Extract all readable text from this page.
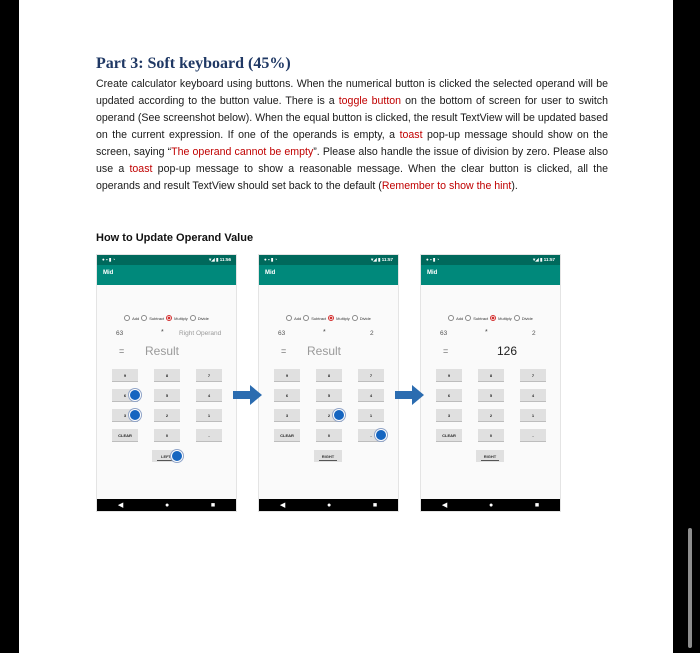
Part 3: Soft keyboard (45%)

Create calculator keyboard using buttons. When the numerical button is clicked the selected operand will be updated according to the button value. There is a toggle button on the bottom of screen for user to switch operand (See screenshot below). When the equal button is clicked, the result TextView will be updated based on the current expression. If one of the operands is empty, a toast pop-up message should show on the screen, saying “The operand cannot be empty”. Please also handle the issue of division by zero. Please also use a toast pop-up message to show a reasonable message. When the clear button is clicked, all the operands and result TextView should set back to the default (Remember to show the hint).

How to Update Operand Value
● ▪ ▮ ◔	▾◢ ▮ 11:56
Mid
Add	Subtract	Multiply	Divide
63	* Right Operand
= Result
9	8	7
6	5	4
3	2	1
CLEAR	0	-
LEFT
◀	●	■
● ▪ ▮ ◔	▾◢ ▮ 11:57
Mid
Add	Subtract	Multiply	Divide
63	*	2
= Result
9	8	7
6	5	4
3	2	1
CLEAR	0	-
RIGHT
◀	●	■
● ▪ ▮ ◔	▾◢ ▮ 11:57
Mid
Add	Subtract	Multiply	Divide
63	*	2
=	126
9	8	7
6	5	4
3	2	1
CLEAR	0	-
RIGHT
◀	●	■
